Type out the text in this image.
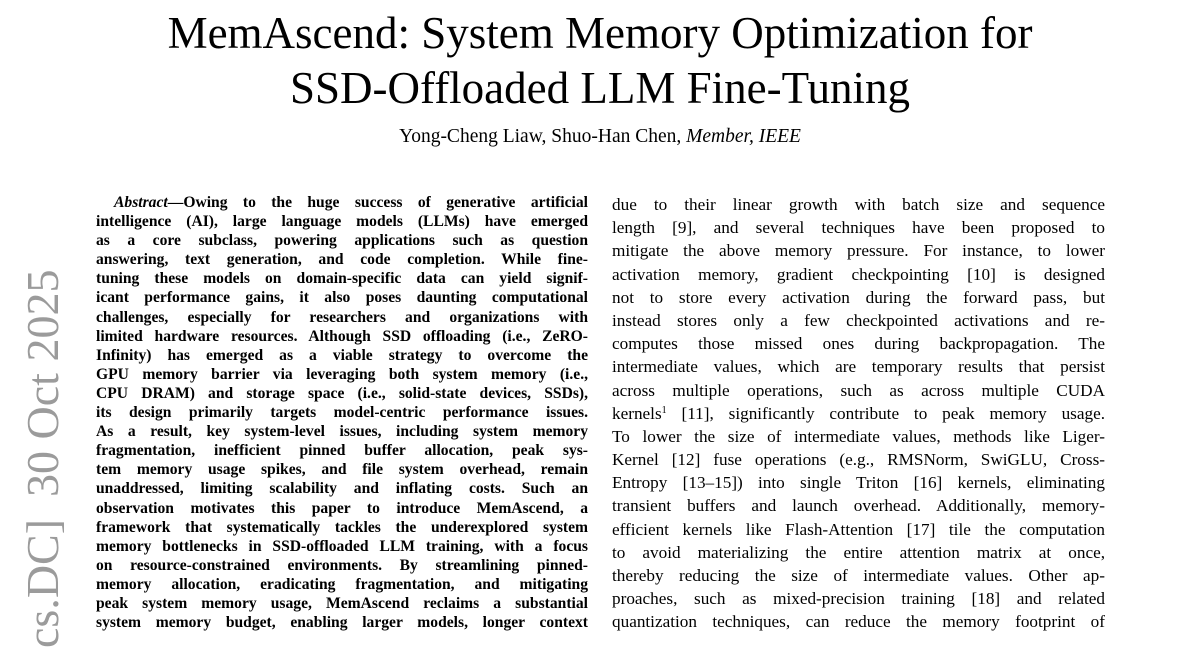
MemAscend: System Memory Optimization for
SSD-Offloaded LLM Fine-Tuning
Yong-Cheng Liaw, Shuo-Han Chen, Member, IEEE
cs.DC]30 Oct 2025
Abstract—Owing to the huge success of generative artificial
intelligence (AI), large language models (LLMs) have emerged
as a core subclass, powering applications such as question
answering, text generation, and code completion. While fine-
tuning these models on domain-specific data can yield signif-
icant performance gains, it also poses daunting computational
challenges, especially for researchers and organizations with
limited hardware resources. Although SSD offloading (i.e., ZeRO-
Infinity) has emerged as a viable strategy to overcome the
GPU memory barrier via leveraging both system memory (i.e.,
CPU DRAM) and storage space (i.e., solid-state devices, SSDs),
its design primarily targets model-centric performance issues.
As a result, key system-level issues, including system memory
fragmentation, inefficient pinned buffer allocation, peak sys-
tem memory usage spikes, and file system overhead, remain
unaddressed, limiting scalability and inflating costs. Such an
observation motivates this paper to introduce MemAscend, a
framework that systematically tackles the underexplored system
memory bottlenecks in SSD-offloaded LLM training, with a focus
on resource-constrained environments. By streamlining pinned-
memory allocation, eradicating fragmentation, and mitigating
peak system memory usage, MemAscend reclaims a substantial
system memory budget, enabling larger models, longer context
due to their linear growth with batch size and sequence
length [9], and several techniques have been proposed to
mitigate the above memory pressure. For instance, to lower
activation memory, gradient checkpointing [10] is designed
not to store every activation during the forward pass, but
instead stores only a few checkpointed activations and re-
computes those missed ones during backpropagation. The
intermediate values, which are temporary results that persist
across multiple operations, such as across multiple CUDA
kernels$^1$ [11], significantly contribute to peak memory usage.
To lower the size of intermediate values, methods like Liger-
Kernel [12] fuse operations (e.g., RMSNorm, SwiGLU, Cross-
Entropy [13–15]) into single Triton [16] kernels, eliminating
transient buffers and launch overhead. Additionally, memory-
efficient kernels like Flash-Attention [17] tile the computation
to avoid materializing the entire attention matrix at once,
thereby reducing the size of intermediate values. Other ap-
proaches, such as mixed-precision training [18] and related
quantization techniques, can reduce the memory footprint of
